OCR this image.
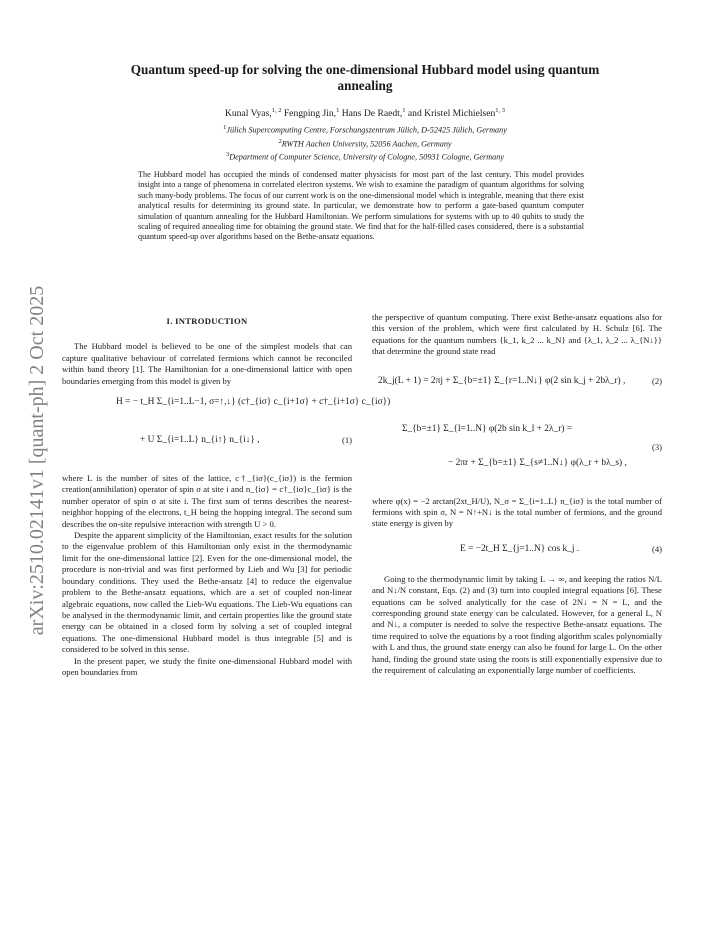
arXiv:2510.02141v1 [quant-ph] 2 Oct 2025
Quantum speed-up for solving the one-dimensional Hubbard model using quantum
annealing
Kunal Vyas,$^{1, 2}$ Fengping Jin,$^1$ Hans De Raedt,$^1$ and Kristel Michielsen$^{1, 3}$
$^1$Jülich Supercomputing Centre, Forschungszentrum Jülich, D-52425 Jülich, Germany
$^2$RWTH Aachen University, 52056 Aachen, Germany
$^3$Department of Computer Science, University of Cologne, 50931 Cologne, Germany
The Hubbard model has occupied the minds of condensed matter physicists for most part of the last century. This model provides insight into a range of phenomena in correlated electron systems. We wish to examine the paradigm of quantum algorithms for solving such many-body problems. The focus of our current work is on the one-dimensional model which is integrable, meaning that there exist analytical results for determining its ground state. In particular, we demonstrate how to perform a gate-based quantum computer simulation of quantum annealing for the Hubbard Hamiltonian. We perform simulations for systems with up to 40 qubits to study the scaling of required annealing time for obtaining the ground state. We find that for the half-filled cases considered, there is a substantial quantum speed-up over algorithms based on the Bethe-ansatz equations.
I. INTRODUCTION

The Hubbard model is believed to be one of the simplest models that can capture qualitative behaviour of correlated fermions which cannot be reconciled within band theory [1]. The Hamiltonian for a one-dimensional lattice with open boundaries emerging from this model is given by

H = − t_H Σ_{i=1..L−1, σ=↑,↓} (c†_{iσ} c_{i+1σ} + c†_{i+1σ} c_{iσ})
+ U Σ_{i=1..L} n_{i↑} n_{i↓} ,	(1)

where L is the number of sites of the lattice, c†_{iσ}(c_{iσ}) is the fermion creation(annihilation) operator of spin σ at site i and n_{iσ} = c†_{iσ}c_{iσ} is the number operator of spin σ at site i. The first sum of terms describes the nearest-neighbor hopping of the electrons, t_H being the hopping integral. The second sum describes the on-site repulsive interaction with strength U > 0.

Despite the apparent simplicity of the Hamiltonian, exact results for the solution to the eigenvalue problem of this Hamiltonian only exist in the thermodynamic limit for the one-dimensional lattice [2]. Even for the one-dimensional model, the procedure is non-trivial and was first performed by Lieb and Wu [3] for periodic boundary conditions. They used the Bethe-ansatz [4] to reduce the eigenvalue problem to the Bethe-ansatz equations, which are a set of coupled non-linear algebraic equations, now called the Lieb-Wu equations. The Lieb-Wu equations can be analysed in the thermodynamic limit, and certain properties like the ground state energy can be obtained in a closed form by solving a set of coupled integral equations. The one-dimensional Hubbard model is thus integrable [5] and is considered to be solved in this sense.

In the present paper, we study the finite one-dimensional Hubbard model with open boundaries from

the perspective of quantum computing. There exist Bethe-ansatz equations also for this version of the problem, which were first calculated by H. Schulz [6]. The equations for the quantum numbers {k_1, k_2 ... k_N} and {λ_1, λ_2 ... λ_{N↓}} that determine the ground state read

2k_j(L + 1) = 2πj + Σ_{b=±1} Σ_{r=1..N↓} φ(2 sin k_j + 2bλ_r) ,	(2)
Σ_{b=±1} Σ_{l=1..N} φ(2b sin k_l + 2λ_r) =
− 2πr + Σ_{b=±1} Σ_{s≠1..N↓} φ(λ_r + bλ_s) ,
(3)

where φ(x) = −2 arctan(2xt_H/U), N_σ = Σ_{i=1..L} n_{iσ} is the total number of fermions with spin σ, N = N↑+N↓ is the total number of fermions, and the ground state energy is given by

E = −2t_H Σ_{j=1..N} cos k_j .	(4)

Going to the thermodynamic limit by taking L → ∞, and keeping the ratios N/L and N↓/N constant, Eqs. (2) and (3) turn into coupled integral equations [6]. These equations can be solved analytically for the case of 2N↓ = N = L, and the corresponding ground state energy can be calculated. However, for a general L, N and N↓, a computer is needed to solve the respective Bethe-ansatz equations. The time required to solve the equations by a root finding algorithm scales polynomially with L and thus, the ground state energy can also be found for large L. On the other hand, finding the ground state using the roots is still exponentially expensive due to the requirement of calculating an exponentially large number of coefficients.
